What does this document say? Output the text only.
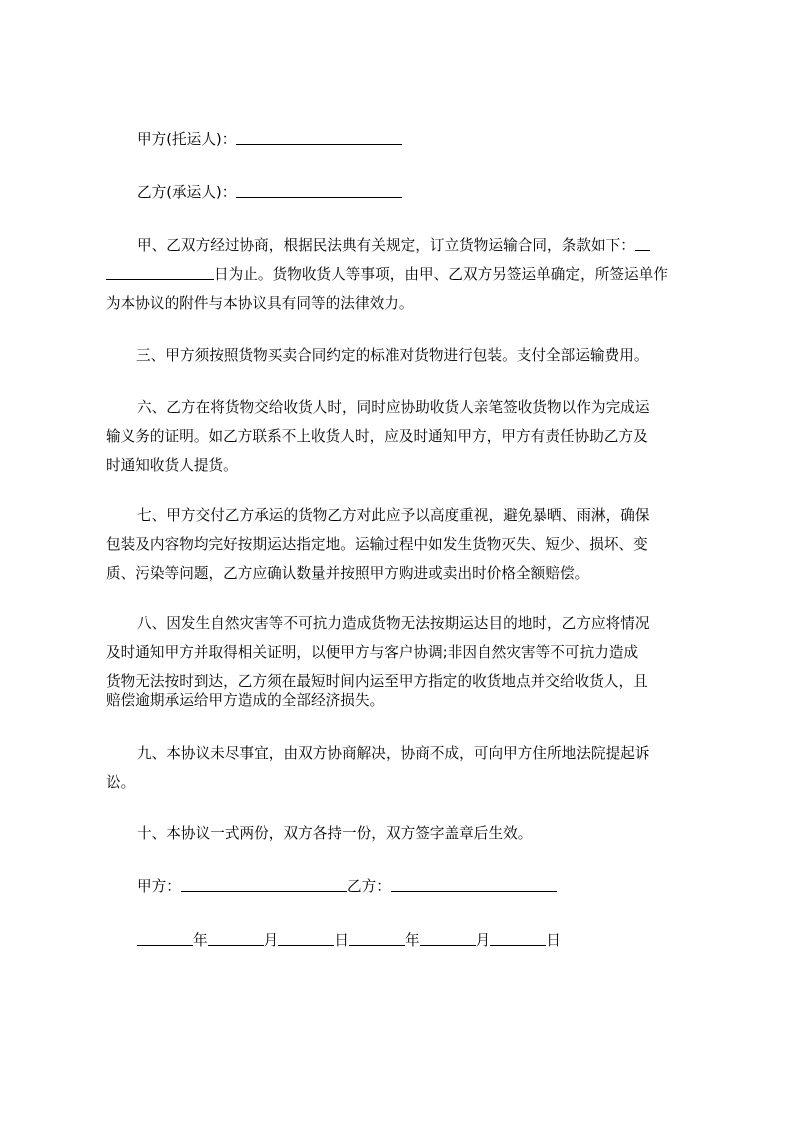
甲方(托运人)：
乙方(承运人)：
甲、乙双方经过协商，根据民法典有关规定，订立货物运输合同，条款如下：
日为止。货物收货人等事项，由甲、乙双方另签运单确定，所签运单作
为本协议的附件与本协议具有同等的法律效力。
三、甲方须按照货物买卖合同约定的标准对货物进行包装。支付全部运输费用。
六、乙方在将货物交给收货人时，同时应协助收货人亲笔签收货物以作为完成运
输义务的证明。如乙方联系不上收货人时，应及时通知甲方，甲方有责任协助乙方及
时通知收货人提货。
七、甲方交付乙方承运的货物乙方对此应予以高度重视，避免暴晒、雨淋，确保
包装及内容物均完好按期运达指定地。运输过程中如发生货物灭失、短少、损坏、变
质、污染等问题，乙方应确认数量并按照甲方购进或卖出时价格全额赔偿。
八、因发生自然灾害等不可抗力造成货物无法按期运达目的地时，乙方应将情况
及时通知甲方并取得相关证明，以便甲方与客户协调;非因自然灾害等不可抗力造成
货物无法按时到达，乙方须在最短时间内运至甲方指定的收货地点并交给收货人，且
赔偿逾期承运给甲方造成的全部经济损失。
九、本协议未尽事宜，由双方协商解决，协商不成，可向甲方住所地法院提起诉
讼。
十、本协议一式两份，双方各持一份，双方签字盖章后生效。
甲方：	乙方：
年	月	日	年	月	日
